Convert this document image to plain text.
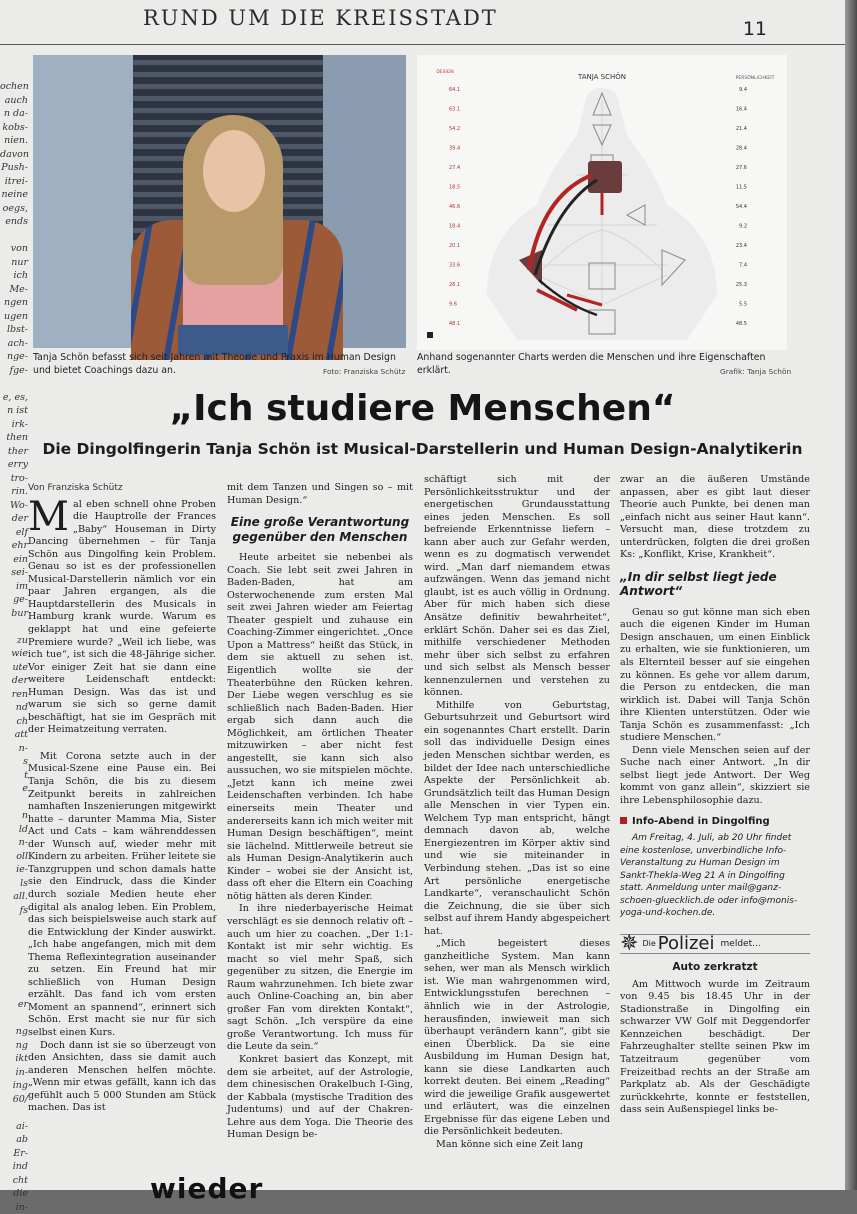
RUND UM DIE KREISSTADT	11
ochen
auch
n da-
kobs-
nien.
davon
Push-
itrei-
neine
oegs,
ends

von
nur
ich
Me-
ngen
ugen
lbst-
ach-
nge-
fge-

e, es,
n ist
irk-
then
ther
erry
tro-
rin.
Wo-
der
elf
ehr
ein
sei-
im
ge-
bur

zu
wie
ute
der
ren
nd
ch
att
n-
s
t
e

n
ld
n-
oll
ie-
ls
all.
fs

er

ng
ng
ikt
in-
ing
60/

ai-
ab
Er-
ind
cht
die
in-
TANJA SCHÖN
DESIGN
PERSÖNLICHKEIT
64.1
63.1
54.2
39.4
27.4
18.5
46.6
18.4
20.1
33.6
28.1
9.6
48.1
9.4
16.4
21.4
28.4
27.6
11.5
54.4
9.2
23.4
7.4
25.3
5.5
48.5
Tanja Schön befasst sich seit Jahren mit Theorie und Praxis im Human Design und bietet Coachings dazu an.	Foto: Franziska Schütz
Anhand sogenannter Charts werden die Menschen und ihre Eigenschaften erklärt.	Grafik: Tanja Schön
„Ich studiere Menschen“
Die Dingolfingerin Tanja Schön ist Musical-Darstellerin und Human Design-Analytikerin
Von Franziska Schütz

Mal eben schnell ohne Proben die Hauptrolle der Frances „Baby“ Houseman in Dirty Dancing übernehmen – für Tanja Schön aus Dingolfing kein Problem. Genau so ist es der professionellen Musical-Darstellerin nämlich vor ein paar Jahren ergangen, als die Hauptdarstellerin des Musicals in Hamburg krank wurde. Warum es geklappt hat und eine gefeierte Premiere wurde? „Weil ich liebe, was ich tue“, ist sich die 48-Jährige sicher. Vor einiger Zeit hat sie dann eine weitere Leidenschaft entdeckt: Human Design. Was das ist und warum sie sich so gerne damit beschäftigt, hat sie im Gespräch mit der Heimatzeitung verraten.

Mit Corona setzte auch in der Musical-Szene eine Pause ein. Bei Tanja Schön, die bis zu diesem Zeitpunkt bereits in zahlreichen namhaften Inszenierungen mitgewirkt hatte – darunter Mamma Mia, Sister Act und Cats – kam währenddessen der Wunsch auf, wieder mehr mit Kindern zu arbeiten. Früher leitete sie Tanzgruppen und schon damals hatte sie den Eindruck, dass die Kinder durch soziale Medien heute eher digital als analog leben. Ein Problem, das sich beispielsweise auch stark auf die Entwicklung der Kinder auswirkt. „Ich habe angefangen, mich mit dem Thema Reflexintegration auseinander zu setzen. Ein Freund hat mir schließlich von Human Design erzählt. Das fand ich vom ersten Moment an spannend“, erinnert sich Schön. Erst macht sie nur für sich selbst einen Kurs.

Doch dann ist sie so überzeugt von den Ansichten, dass sie damit auch anderen Menschen helfen möchte. „Wenn mir etwas gefällt, kann ich das gefühlt auch 5 000 Stunden am Stück machen. Das ist

mit dem Tanzen und Singen so – mit Human Design.“

Eine große Verantwortung gegenüber den Menschen

Heute arbeitet sie nebenbei als Coach. Sie lebt seit zwei Jahren in Baden-Baden, hat am Osterwochenende zum ersten Mal seit zwei Jahren wieder am Feiertag Theater gespielt und zuhause ein Coaching-Zimmer eingerichtet. „Once Upon a Mattress“ heißt das Stück, in dem sie aktuell zu sehen ist. Eigentlich wollte sie der Theaterbühne den Rücken kehren. Der Liebe wegen verschlug es sie schließlich nach Baden-Baden. Hier ergab sich dann auch die Möglichkeit, am örtlichen Theater mitzuwirken – aber nicht fest angestellt, sie kann sich also aussuchen, wo sie mitspielen möchte. „Jetzt kann ich meine zwei Leidenschaften verbinden. Ich habe einerseits mein Theater und andererseits kann ich mich weiter mit Human Design beschäftigen“, meint sie lächelnd. Mittlerweile betreut sie als Human Design-Analytikerin auch Kinder – wobei sie der Ansicht ist, dass oft eher die Eltern ein Coaching nötig hätten als deren Kinder.

In ihre niederbayerische Heimat verschlägt es sie dennoch relativ oft – auch um hier zu coachen. „Der 1:1-Kontakt ist mir sehr wichtig. Es macht so viel mehr Spaß, sich gegenüber zu sitzen, die Energie im Raum wahrzunehmen. Ich biete zwar auch Online-Coaching an, bin aber großer Fan vom direkten Kontakt“, sagt Schön. „Ich verspüre da eine große Verantwortung. Ich muss für die Leute da sein.“

Konkret basiert das Konzept, mit dem sie arbeitet, auf der Astrologie, dem chinesischen Orakelbuch I-Ging, der Kabbala (mystische Tradition des Judentums) und auf der Chakren-Lehre aus dem Yoga. Die Theorie des Human Design be-

schäftigt sich mit der Persönlichkeitsstruktur und der energetischen Grundausstattung eines jeden Menschen. Es soll befreiende Erkenntnisse liefern – kann aber auch zur Gefahr werden, wenn es zu dogmatisch verwendet wird. „Man darf niemandem etwas aufzwängen. Wenn das jemand nicht glaubt, ist es auch völlig in Ordnung. Aber für mich haben sich diese Ansätze definitiv bewahrheitet“, erklärt Schön. Daher sei es das Ziel, mithilfe verschiedener Methoden mehr über sich selbst zu erfahren und sich selbst als Mensch besser kennenzulernen und verstehen zu können.

Mithilfe von Geburtstag, Geburtsuhrzeit und Geburtsort wird ein sogenanntes Chart erstellt. Darin soll das individuelle Design eines jeden Menschen sichtbar werden, es bildet der Idee nach unterschiedliche Aspekte der Persönlichkeit ab. Grundsätzlich teilt das Human Design alle Menschen in vier Typen ein. Welchem Typ man entspricht, hängt demnach davon ab, welche Energiezentren im Körper aktiv sind und wie sie miteinander in Verbindung stehen. „Das ist so eine Art persönliche energetische Landkarte“, veranschaulicht Schön die Zeichnung, die sie über sich selbst auf ihrem Handy abgespeichert hat.

„Mich begeistert dieses ganzheitliche System. Man kann sehen, wer man als Mensch wirklich ist. Wie man wahrgenommen wird, Entwicklungsstufen berechnen – ähnlich wie in der Astrologie, herausfinden, inwieweit man sich überhaupt verändern kann“, gibt sie einen Überblick. Da sie eine Ausbildung im Human Design hat, kann sie diese Landkarten auch korrekt deuten. Bei einem „Reading“ wird die jeweilige Grafik ausgewertet und erläutert, was die einzelnen Ergebnisse für das eigene Leben und die Persönlichkeit bedeuten.

Man könne sich eine Zeit lang

zwar an die äußeren Umstände anpassen, aber es gibt laut dieser Theorie auch Punkte, bei denen man „einfach nicht aus seiner Haut kann“. Versucht man, diese trotzdem zu unterdrücken, folgten die drei großen Ks: „Konflikt, Krise, Krankheit“.

„In dir selbst liegt jede Antwort“

Genau so gut könne man sich eben auch die eigenen Kinder im Human Design anschauen, um einen Einblick zu erhalten, wie sie funktionieren, um als Elternteil besser auf sie eingehen zu können. Es gehe vor allem darum, die Person zu entdecken, die man wirklich ist. Dabei will Tanja Schön ihre Klienten unterstützen. Oder wie Tanja Schön es zusammenfasst: „Ich studiere Menschen.“

Denn viele Menschen seien auf der Suche nach einer Antwort. „In dir selbst liegt jede Antwort. Der Weg kommt von ganz allein“, skizziert sie ihre Lebensphilosophie dazu.

Info-Abend in Dingolfing

Am Freitag, 4. Juli, ab 20 Uhr findet eine kostenlose, unverbindliche Info-Veranstaltung zu Human Design im Sankt-Thekla-Weg 21 A in Dingolfing statt. Anmeldung unter mail@ganz-schoen-gluecklich.de oder info@monis-yoga-und-kochen.de.

✵ Die Polizei meldet...
Auto zerkratzt

Am Mittwoch wurde im Zeitraum von 9.45 bis 18.45 Uhr in der Stadionstraße in Dingolfing ein schwarzer VW Golf mit Deggendorfer Kennzeichen beschädigt. Der Fahrzeughalter stellte seinen Pkw im Tatzeitraum gegenüber vom Freizeitbad rechts an der Straße am Parkplatz ab. Als der Geschädigte zurückkehrte, konnte er feststellen, dass sein Außenspiegel links be-

wieder
